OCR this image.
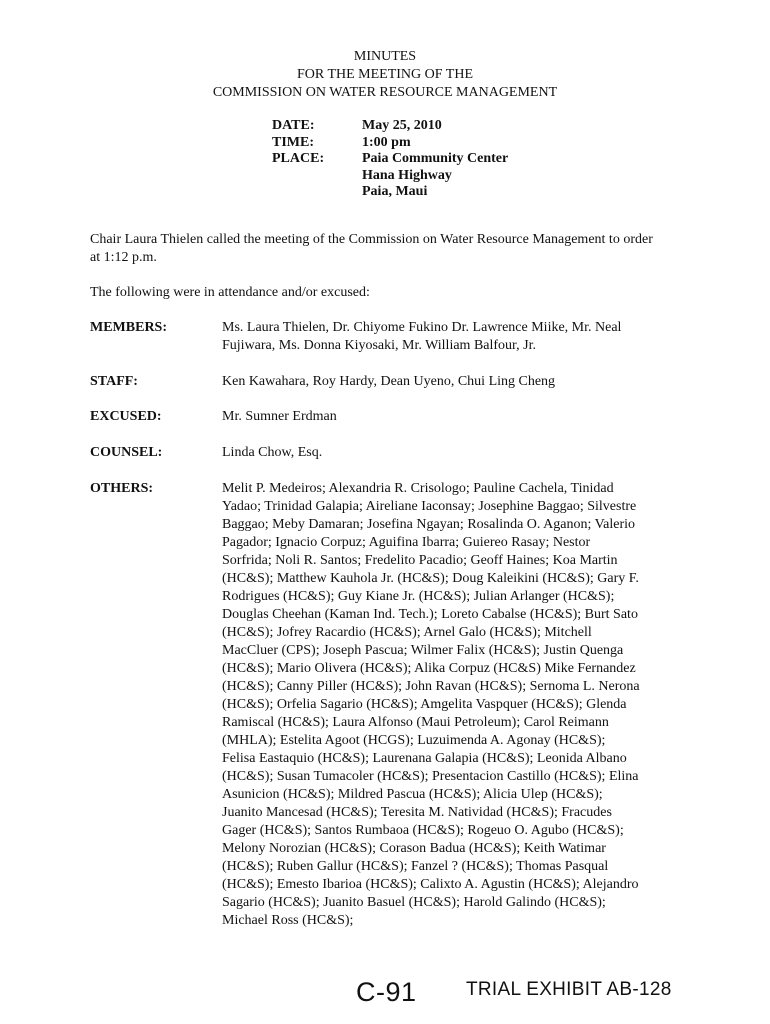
MINUTES
FOR THE MEETING OF THE
COMMISSION ON WATER RESOURCE MANAGEMENT
DATE:	May 25, 2010
TIME:	1:00 pm
PLACE:	Paia Community Center
Hana Highway
Paia, Maui

Chair Laura Thielen called the meeting of the Commission on Water Resource Management to order at 1:12 p.m.

The following were in attendance and/or excused:

MEMBERS:	Ms. Laura Thielen, Dr. Chiyome Fukino Dr. Lawrence Miike, Mr. Neal Fujiwara, Ms. Donna Kiyosaki, Mr. William Balfour, Jr.
STAFF:	Ken Kawahara, Roy Hardy, Dean Uyeno, Chui Ling Cheng
EXCUSED:	Mr. Sumner Erdman
COUNSEL:	Linda Chow, Esq.
OTHERS:	Melit P. Medeiros; Alexandria R. Crisologo; Pauline Cachela, Tinidad Yadao; Trinidad Galapia; Aireliane Iaconsay; Josephine Baggao; Silvestre Baggao; Meby Damaran; Josefina Ngayan; Rosalinda O. Aganon; Valerio Pagador; Ignacio Corpuz; Aguifina Ibarra; Guiereo Rasay; Nestor Sorfrida; Noli R. Santos; Fredelito Pacadio; Geoff Haines; Koa Martin (HC&S); Matthew Kauhola Jr. (HC&S); Doug Kaleikini (HC&S); Gary F. Rodrigues (HC&S); Guy Kiane Jr. (HC&S); Julian Arlanger (HC&S); Douglas Cheehan (Kaman Ind. Tech.); Loreto Cabalse (HC&S); Burt Sato (HC&S); Jofrey Racardio (HC&S); Arnel Galo (HC&S); Mitchell MacCluer (CPS); Joseph Pascua; Wilmer Falix (HC&S); Justin Quenga (HC&S); Mario Olivera (HC&S); Alika Corpuz (HC&S) Mike Fernandez (HC&S); Canny Piller (HC&S); John Ravan (HC&S); Sernoma L. Nerona (HC&S); Orfelia Sagario (HC&S); Amgelita Vaspquer (HC&S); Glenda Ramiscal (HC&S); Laura Alfonso (Maui Petroleum); Carol Reimann (MHLA); Estelita Agoot (HCGS); Luzuimenda A. Agonay (HC&S); Felisa Eastaquio (HC&S); Laurenana Galapia (HC&S); Leonida Albano (HC&S); Susan Tumacoler (HC&S); Presentacion Castillo (HC&S); Elina Asunicion (HC&S); Mildred Pascua (HC&S); Alicia Ulep (HC&S); Juanito Mancesad (HC&S); Teresita M. Natividad (HC&S); Fracudes Gager (HC&S); Santos Rumbaoa (HC&S); Rogeuo O. Agubo (HC&S); Melony Norozian (HC&S); Corason Badua (HC&S); Keith Watimar (HC&S); Ruben Gallur (HC&S); Fanzel ? (HC&S); Thomas Pasqual (HC&S); Emesto Ibarioa (HC&S); Calixto A. Agustin (HC&S); Alejandro Sagario (HC&S); Juanito Basuel (HC&S); Harold Galindo (HC&S); Michael Ross (HC&S);
C-91	TRIAL EXHIBIT AB-128
